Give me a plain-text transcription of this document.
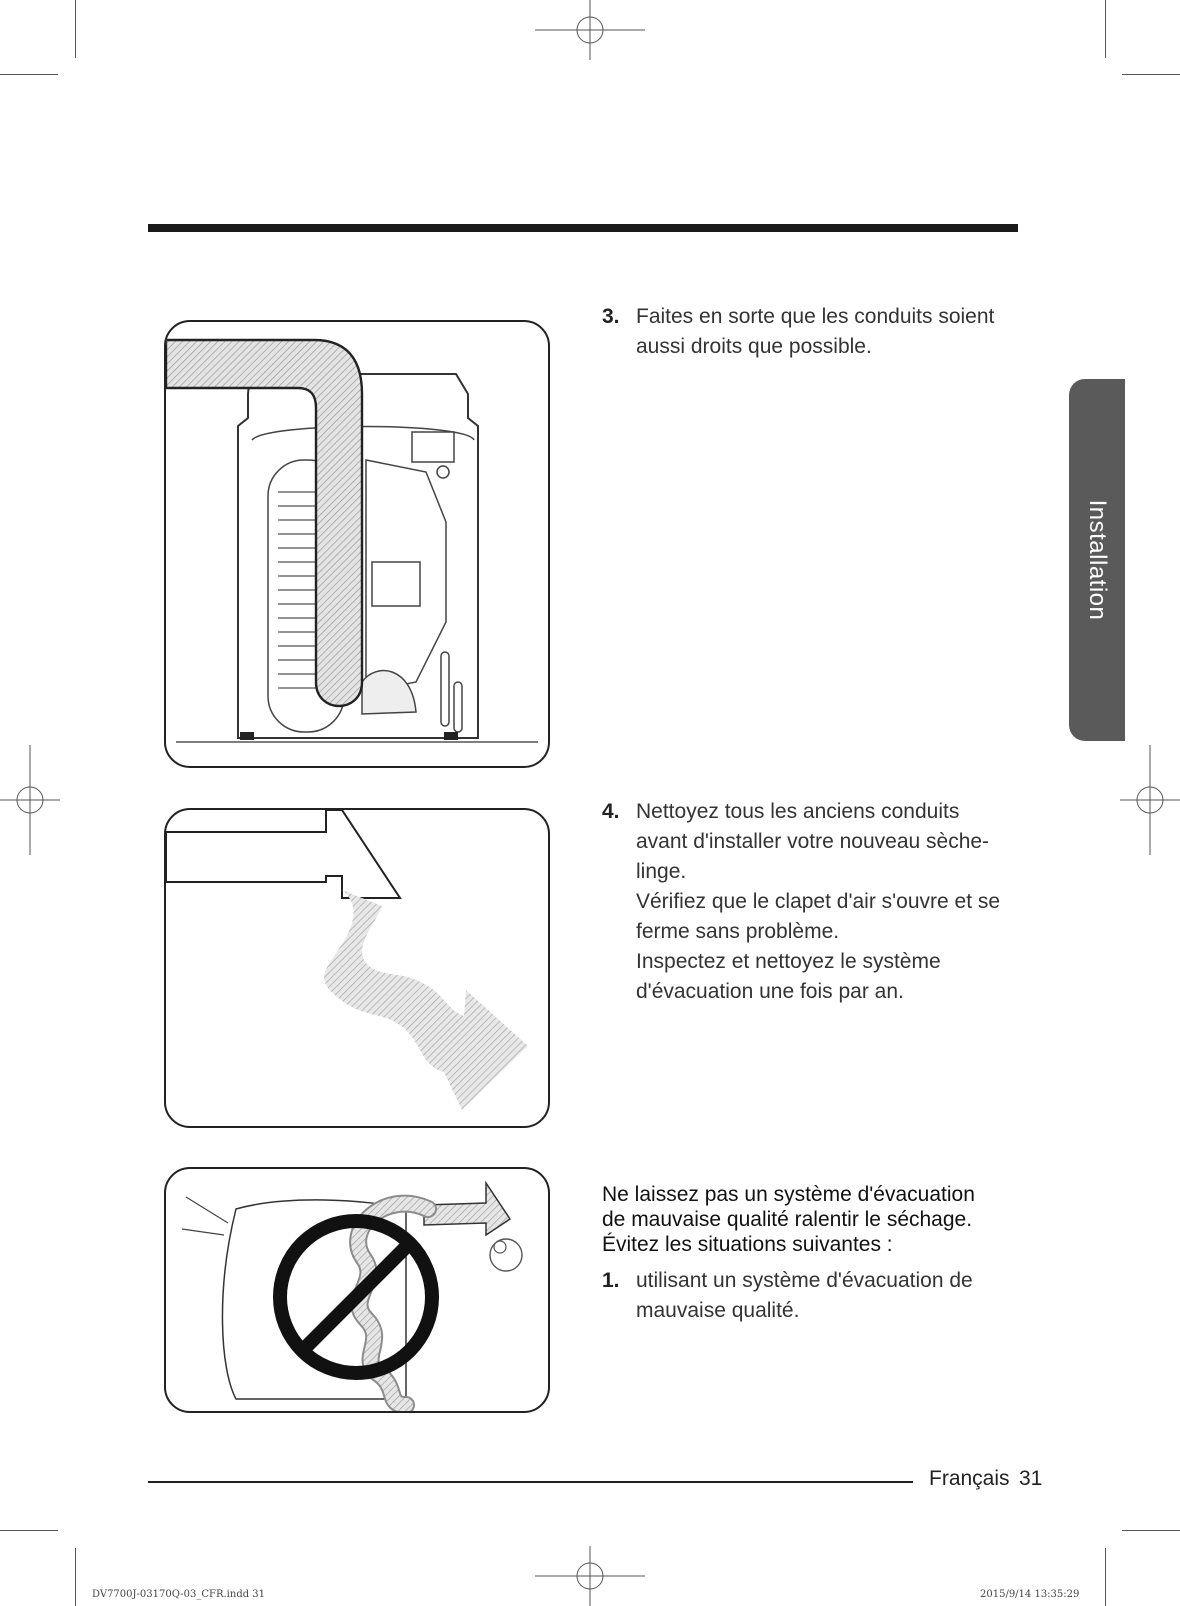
3. Faites en sorte que les conduits soient
aussi droits que possible.
4. Nettoyez tous les anciens conduits
avant d'installer votre nouveau sèche-
linge.
Vérifiez que le clapet d'air s'ouvre et se
ferme sans problème.
Inspectez et nettoyez le système
d'évacuation une fois par an.
Ne laissez pas un système d'évacuation
de mauvaise qualité ralentir le séchage.
Évitez les situations suivantes :
1. utilisant un système d'évacuation de
mauvaise qualité.
Installation
Français 31
DV7700J-03170Q-03_CFR.indd 31	2015/9/14 13:35:29
